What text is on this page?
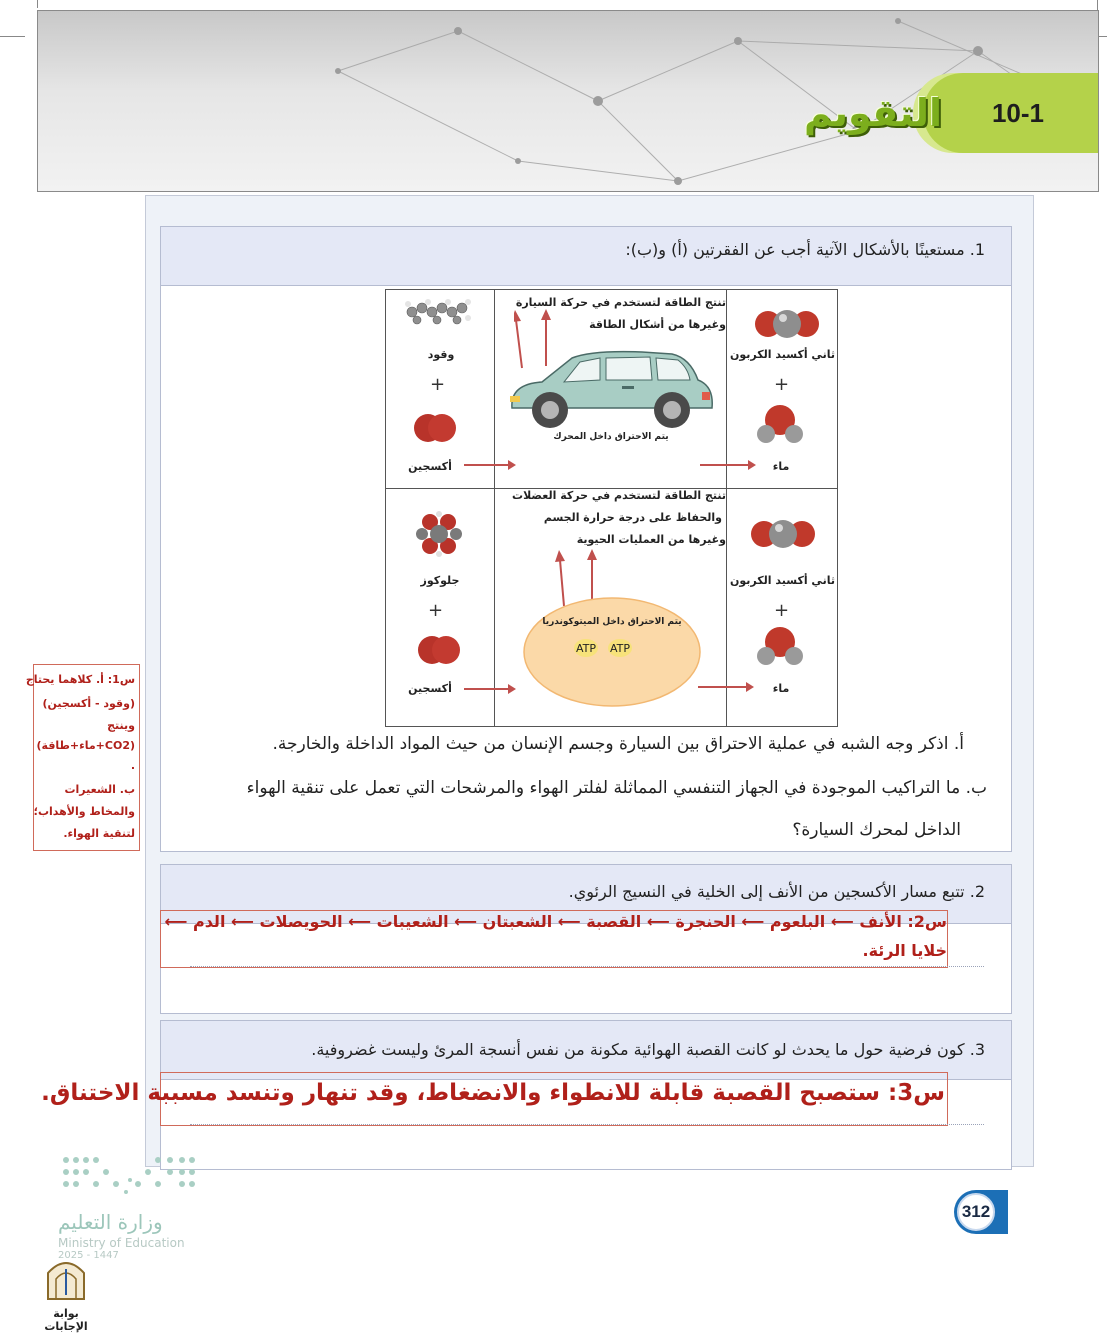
10-1
التقويم
1. مستعينًا بالأشكال الآتية أجب عن الفقرتين (أ) و(ب):
تنتج الطاقة لتستخدم في حركة السيارة
وغيرها من أشكال الطاقة
وقود
+
أكسجين
يتم الاحتراق داخل المحرك
ثاني أكسيد الكربون
+
ماء
تنتج الطاقة لتستخدم في حركة العضلات
والحفاظ على درجة حرارة الجسم
وغيرها من العمليات الحيوية
جلوكوز
+
أكسجين
يتم الاحتراق داخل الميتوكوندريا
ATP	ATP
ثاني أكسيد الكربون
+
ماء
أ. اذكر وجه الشبه في عملية الاحتراق بين السيارة وجسم الإنسان من حيث المواد الداخلة والخارجة.
ب. ما التراكيب الموجودة في الجهاز التنفسي المماثلة لفلتر الهواء والمرشحات التي تعمل على تنقية الهواء
الداخل لمحرك السيارة؟
س1: أ. كلاهما يحتاج
(وقود - أكسجين)
وينتج
(CO2+ماء+طاقة)
.
ب. الشعيرات
والمخاط والأهداب؛
لتنقية الهواء.
2. تتبع مسار الأكسجين من الأنف إلى الخلية في النسيج الرئوي.
س2: الأنف ⟵ البلعوم ⟵ الحنجرة ⟵ القصبة ⟵ الشعبتان ⟵ الشعيبات ⟵ الحويصلات ⟵ الدم ⟵
خلايا الرئة.
3. كون فرضية حول ما يحدث لو كانت القصبة الهوائية مكونة من نفس أنسجة المرئ وليست غضروفية.
س3: ستصبح القصبة قابلة للانطواء والانضغاط، وقد تنهار وتنسد مسببة الاختناق.
312
وزارة التعليم
Ministry of Education
2025 - 1447
بوابة الإجابات
